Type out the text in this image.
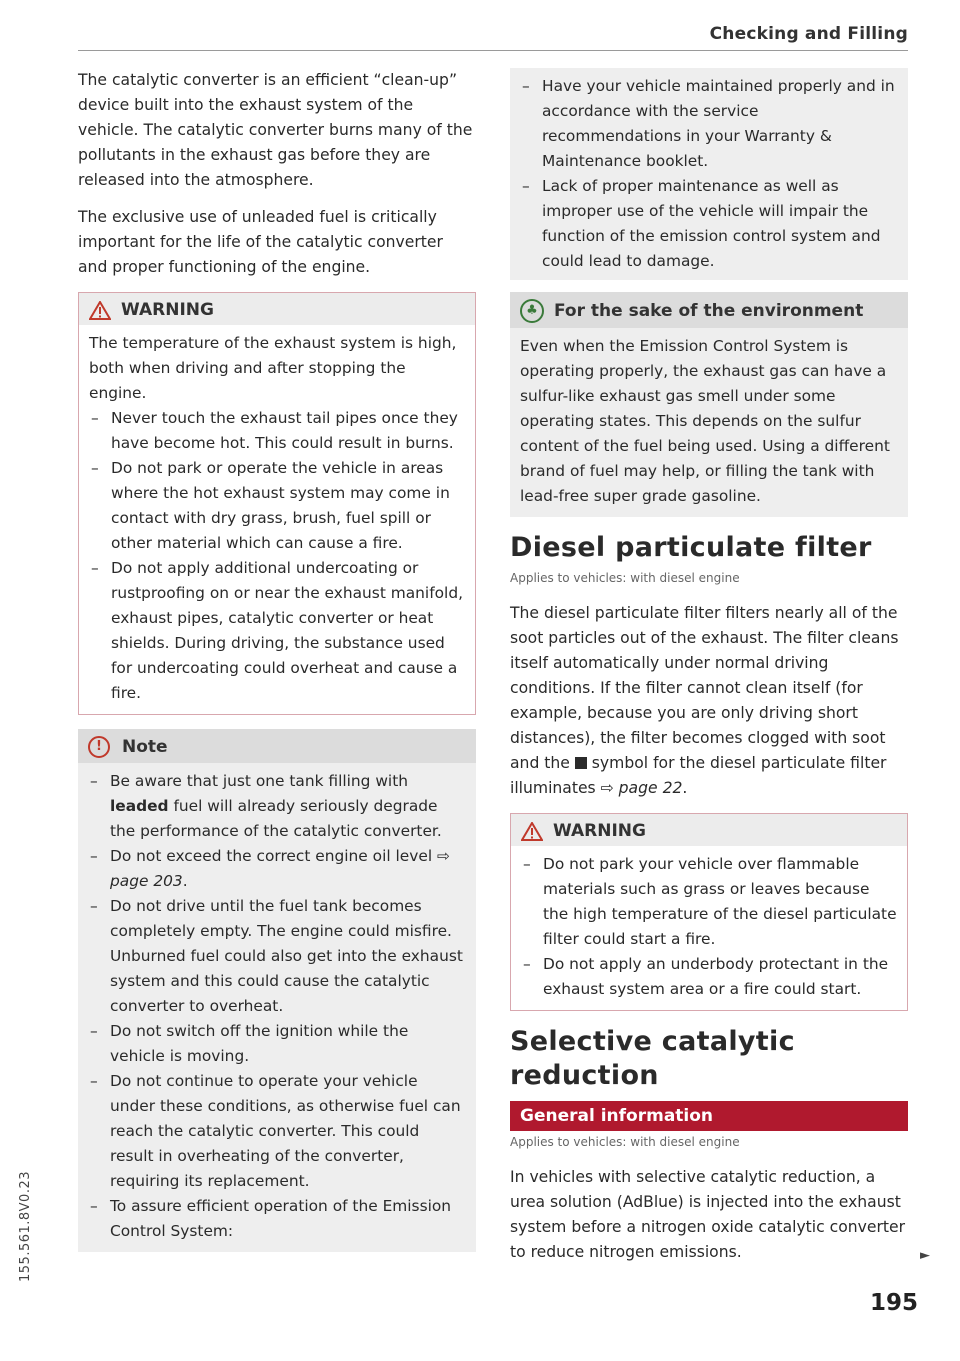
Checking and Filling
155.561.8V0.23

The catalytic converter is an efficient “clean-up” device built into the exhaust system of the vehicle. The catalytic converter burns many of the pollutants in the exhaust gas before they are released into the atmosphere.

The exclusive use of unleaded fuel is critically important for the life of the catalytic converter and proper functioning of the engine.

WARNING
The temperature of the exhaust system is high, both when driving and after stopping the engine.
– Never touch the exhaust tail pipes once they have become hot. This could result in burns.
– Do not park or operate the vehicle in areas where the hot exhaust system may come in contact with dry grass, brush, fuel spill or other material which can cause a fire.
– Do not apply additional undercoating or rustproofing on or near the exhaust manifold, exhaust pipes, catalytic converter or heat shields. During driving, the substance used for undercoating could overheat and cause a fire.
!	Note
– Be aware that just one tank filling with leaded fuel will already seriously degrade the performance of the catalytic converter.
– Do not exceed the correct engine oil level ⇨ page 203.
– Do not drive until the fuel tank becomes completely empty. The engine could misfire. Unburned fuel could also get into the exhaust system and this could cause the catalytic converter to overheat.
– Do not switch off the ignition while the vehicle is moving.
– Do not continue to operate your vehicle under these conditions, as otherwise fuel can reach the catalytic converter. This could result in overheating of the converter, requiring its replacement.
– To assure efficient operation of the Emission Control System:
– Have your vehicle maintained properly and in accordance with the service recommendations in your Warranty & Maintenance booklet.
– Lack of proper maintenance as well as improper use of the vehicle will impair the function of the emission control system and could lead to damage.
♣ For the sake of the environment
Even when the Emission Control System is operating properly, the exhaust gas can have a sulfur-like exhaust gas smell under some operating states. This depends on the sulfur content of the fuel being used. Using a different brand of fuel may help, or filling the tank with lead-free super grade gasoline.
Diesel particulate filter
Applies to vehicles: with diesel engine

The diesel particulate filter filters nearly all of the soot particles out of the exhaust. The filter cleans itself automatically under normal driving conditions. If the filter cannot clean itself (for example, because you are only driving short distances), the filter becomes clogged with soot and the  symbol for the diesel particulate filter illuminates ⇨ page 22.

WARNING
– Do not park your vehicle over flammable materials such as grass or leaves because the high temperature of the diesel particulate filter could start a fire.
– Do not apply an underbody protectant in the exhaust system area or a fire could start.
Selective catalytic reduction
General information
Applies to vehicles: with diesel engine

In vehicles with selective catalytic reduction, a urea solution (AdBlue) is injected into the exhaust system before a nitrogen oxide catalytic converter to reduce nitrogen emissions.	►
195
